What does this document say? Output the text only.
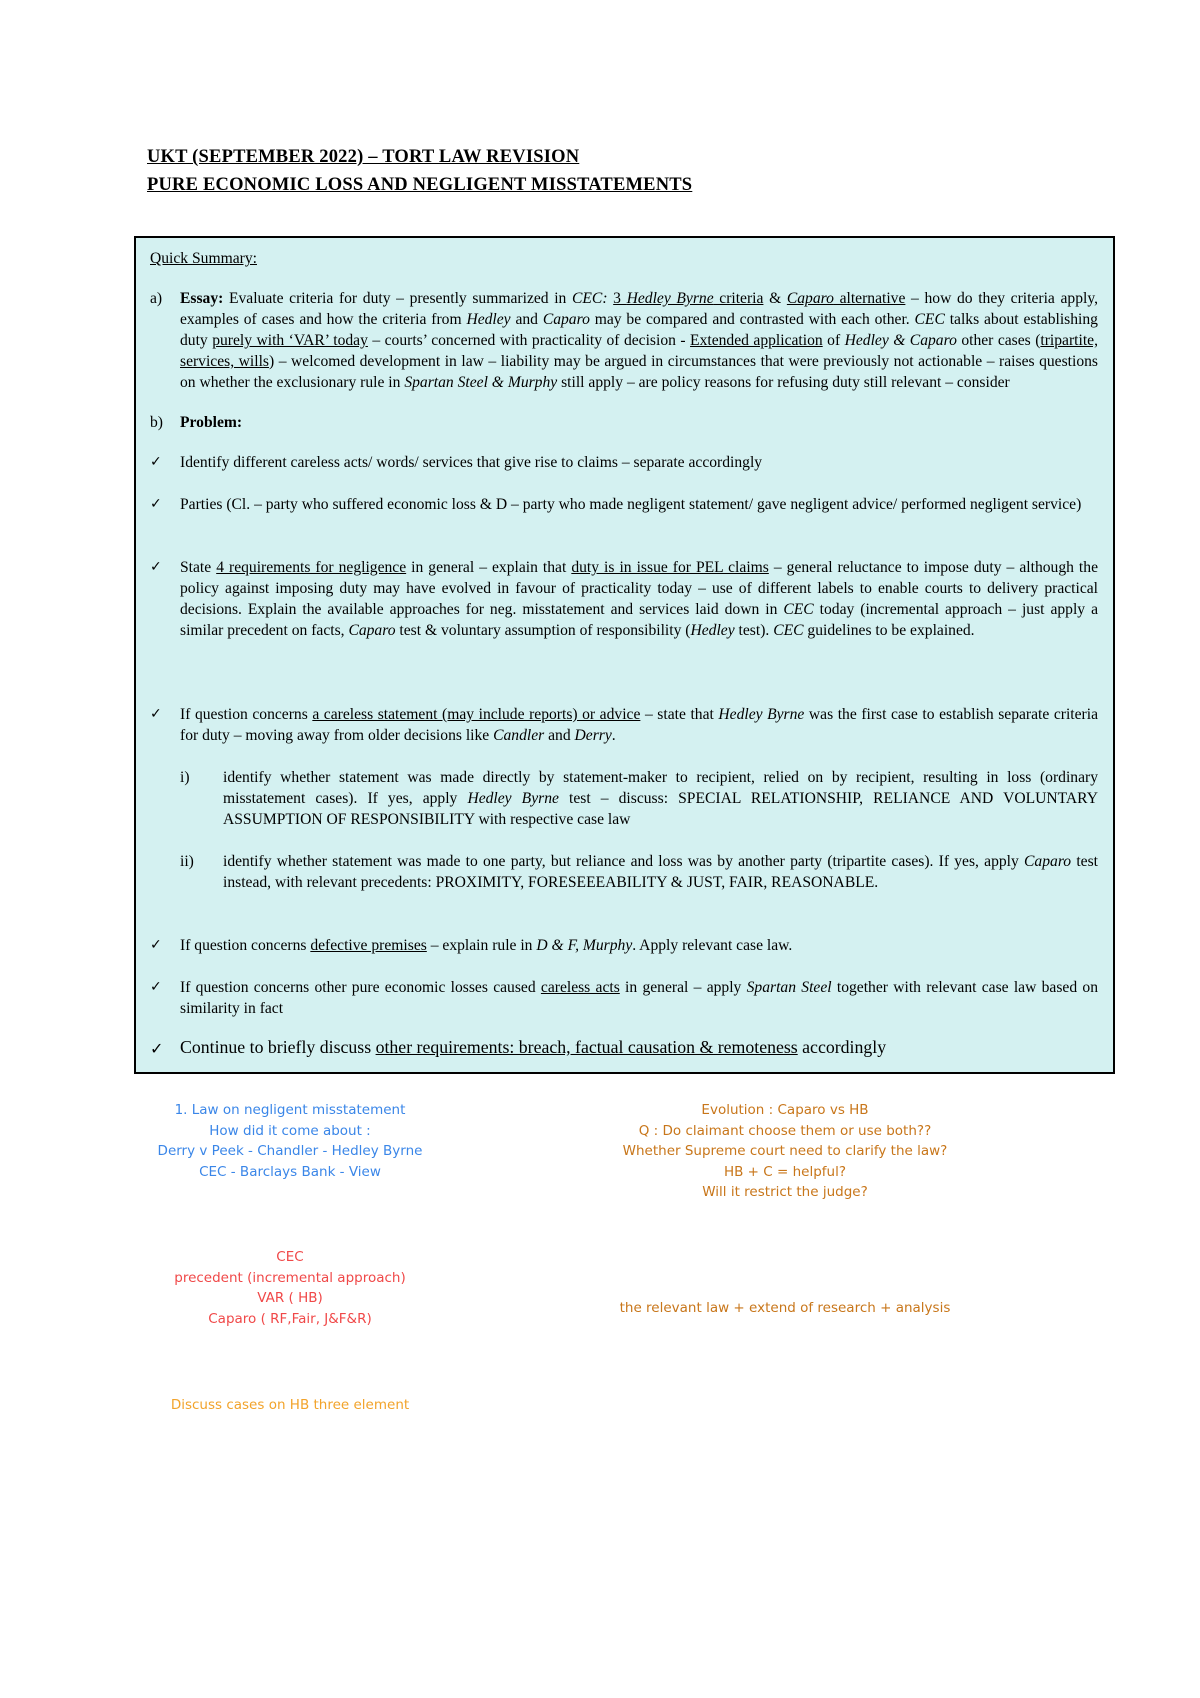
UKT (SEPTEMBER 2022) – TORT LAW REVISION
PURE ECONOMIC LOSS AND NEGLIGENT MISSTATEMENTS
Quick Summary:
a) Essay: Evaluate criteria for duty – presently summarized in CEC: 3 Hedley Byrne criteria & Caparo alternative – how do they criteria apply, examples of cases and how the criteria from Hedley and Caparo may be compared and contrasted with each other. CEC talks about establishing duty purely with ‘VAR’ today – courts’ concerned with practicality of decision - Extended application of Hedley & Caparo other cases (tripartite, services, wills) – welcomed development in law – liability may be argued in circumstances that were previously not actionable – raises questions on whether the exclusionary rule in Spartan Steel & Murphy still apply – are policy reasons for refusing duty still relevant – consider
b) Problem:
✓ Identify different careless acts/ words/ services that give rise to claims – separate accordingly
✓ Parties (Cl. – party who suffered economic loss & D – party who made negligent statement/ gave negligent advice/ performed negligent service)
✓ State 4 requirements for negligence in general – explain that duty is in issue for PEL claims – general reluctance to impose duty – although the policy against imposing duty may have evolved in favour of practicality today – use of different labels to enable courts to delivery practical decisions. Explain the available approaches for neg. misstatement and services laid down in CEC today (incremental approach – just apply a similar precedent on facts, Caparo test & voluntary assumption of responsibility (Hedley test). CEC guidelines to be explained.
✓ If question concerns a careless statement (may include reports) or advice – state that Hedley Byrne was the first case to establish separate criteria for duty – moving away from older decisions like Candler and Derry.
i) identify whether statement was made directly by statement-maker to recipient, relied on by recipient, resulting in loss (ordinary misstatement cases). If yes, apply Hedley Byrne test – discuss: SPECIAL RELATIONSHIP, RELIANCE AND VOLUNTARY ASSUMPTION OF RESPONSIBILITY with respective case law
ii) identify whether statement was made to one party, but reliance and loss was by another party (tripartite cases). If yes, apply Caparo test instead, with relevant precedents: PROXIMITY, FORESEEEABILITY & JUST, FAIR, REASONABLE.
✓ If question concerns defective premises – explain rule in D & F, Murphy. Apply relevant case law.
✓ If question concerns other pure economic losses caused careless acts in general – apply Spartan Steel together with relevant case law based on similarity in fact
✓ Continue to briefly discuss other requirements: breach, factual causation & remoteness accordingly
1. Law on negligent misstatement
How did it come about :
Derry v Peek - Chandler - Hedley Byrne
CEC - Barclays Bank - View
Evolution : Caparo vs HB
Q : Do claimant choose them or use both??
Whether Supreme court need to clarify the law?
HB + C = helpful?
Will it restrict the judge?
CEC
precedent (incremental approach)
VAR ( HB)
Caparo ( RF,Fair, J&F&R)
the relevant law + extend of research + analysis
Discuss cases on HB three element
